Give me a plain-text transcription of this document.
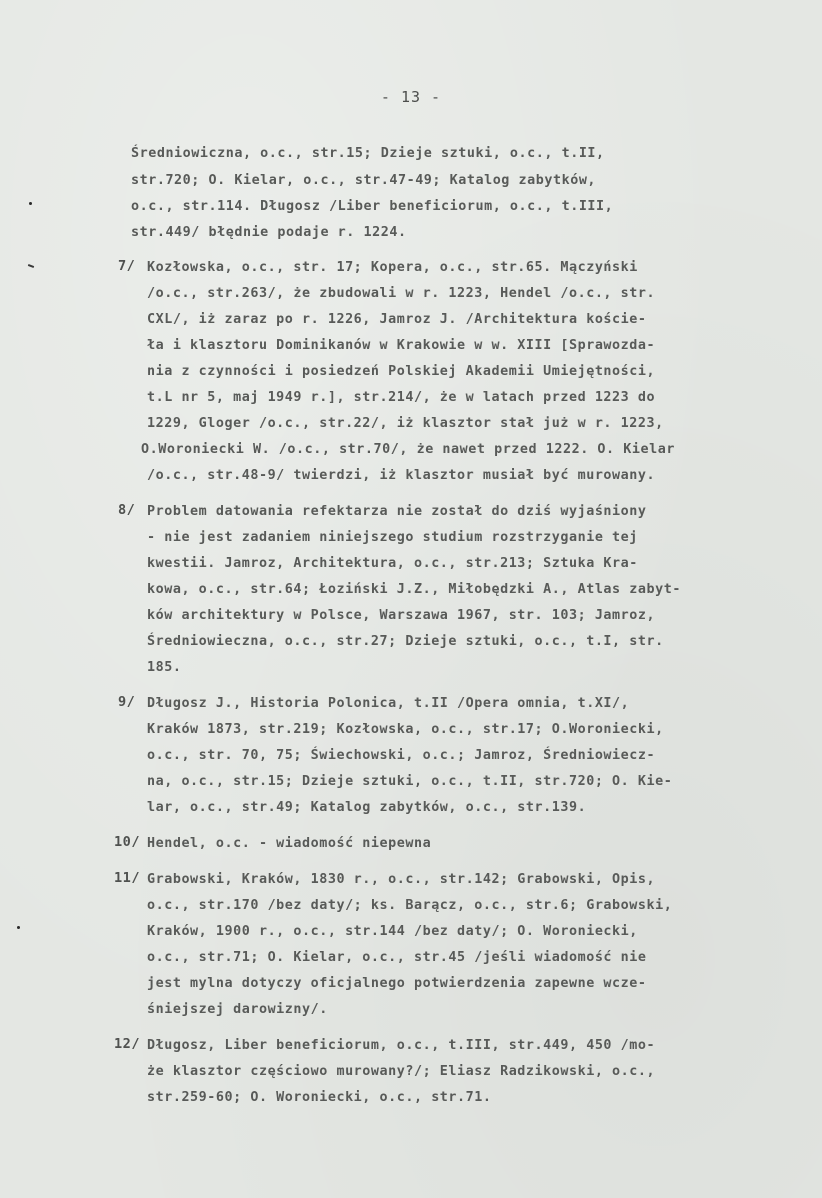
- 13 -
Średniowiczna, o.c., str.15; Dzieje sztuki, o.c., t.II,
str.720; O. Kielar, o.c., str.47-49; Katalog zabytków,
o.c., str.114. Długosz /Liber beneficiorum, o.c., t.III,
str.449/ błędnie podaje r. 1224.
7/ Kozłowska, o.c., str. 17; Kopera, o.c., str.65. Mączyński
/o.c., str.263/, że zbudowali w r. 1223, Hendel /o.c., str.
CXL/, iż zaraz po r. 1226, Jamroz J. /Architektura koście-
ła i klasztoru Dominikanów w Krakowie w w. XIII [Sprawozda-
nia z czynności i posiedzeń Polskiej Akademii Umiejętności,
t.L nr 5, maj 1949 r.], str.214/, że w latach przed 1223 do
1229, Gloger /o.c., str.22/, iż klasztor stał już w r. 1223,
O.Woroniecki W. /o.c., str.70/, że nawet przed 1222. O. Kielar
/o.c., str.48-9/ twierdzi, iż klasztor musiał być murowany.
8/ Problem datowania refektarza nie został do dziś wyjaśniony
- nie jest zadaniem niniejszego studium rozstrzyganie tej
kwestii. Jamroz, Architektura, o.c., str.213; Sztuka Kra-
kowa, o.c., str.64; Łoziński J.Z., Miłobędzki A., Atlas zabyt-
ków architektury w Polsce, Warszawa 1967, str. 103; Jamroz,
Średniowieczna, o.c., str.27; Dzieje sztuki, o.c., t.I, str.
185.
9/ Długosz J., Historia Polonica, t.II /Opera omnia, t.XI/,
Kraków 1873, str.219; Kozłowska, o.c., str.17; O.Woroniecki,
o.c., str. 70, 75; Świechowski, o.c.; Jamroz, Średniowiecz-
na, o.c., str.15; Dzieje sztuki, o.c., t.II, str.720; O. Kie-
lar, o.c., str.49; Katalog zabytków, o.c., str.139.
10/ Hendel, o.c. - wiadomość niepewna
11/ Grabowski, Kraków, 1830 r., o.c., str.142; Grabowski, Opis,
o.c., str.170 /bez daty/; ks. Barącz, o.c., str.6; Grabowski,
Kraków, 1900 r., o.c., str.144 /bez daty/; O. Woroniecki,
o.c., str.71; O. Kielar, o.c., str.45 /jeśli wiadomość nie
jest mylna dotyczy oficjalnego potwierdzenia zapewne wcze-
śniejszej darowizny/.
12/ Długosz, Liber beneficiorum, o.c., t.III, str.449, 450 /mo-
że klasztor częściowo murowany?/; Eliasz Radzikowski, o.c.,
str.259-60; O. Woroniecki, o.c., str.71.
